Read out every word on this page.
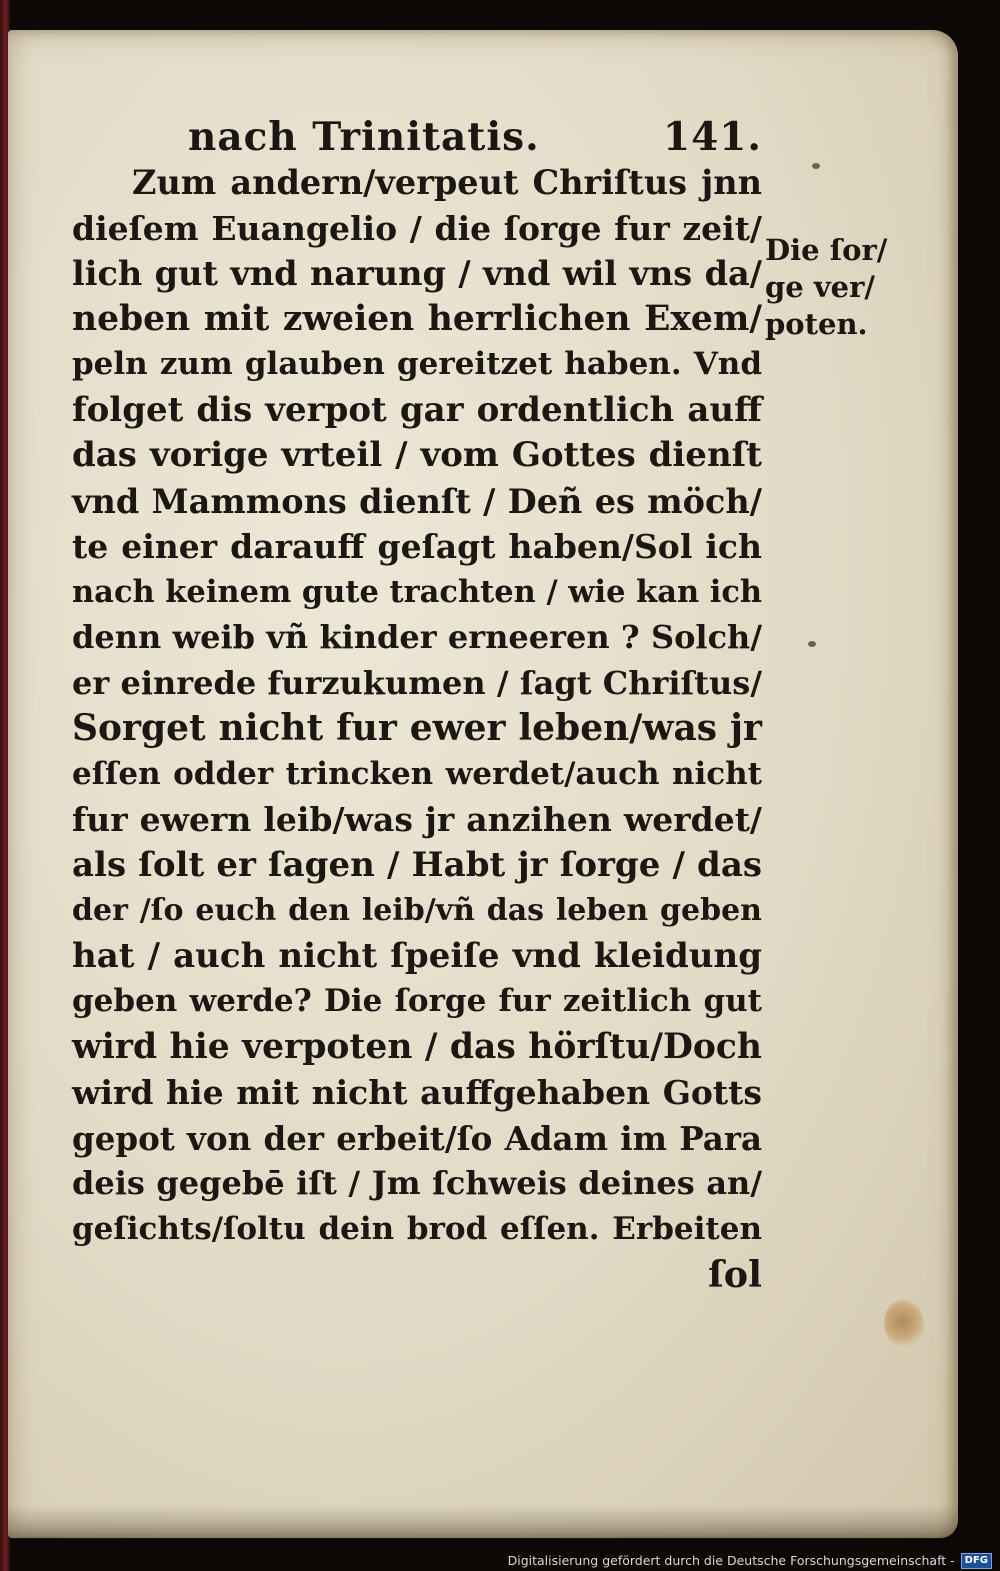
nach Trinitatis.	141.
Zum andern/verpeut Chriſtus jnn
dieſem Euangelio / die ſorge fur zeit/
lich gut vnd narung / vnd wil vns da/
neben mit zweien herrlichen Exem/
peln zum glauben gereitzet haben. Vnd
folget dis verpot gar ordentlich auff
das vorige vrteil / vom Gottes dienſt
vnd Mammons dienſt / Deñ es möch/
te einer darauff geſagt haben/Sol ich
nach keinem gute trachten / wie kan ich
denn weib vñ kinder erneeren ? Solch/
er einrede furzukumen / ſagt Chriſtus/
Sorget nicht fur ewer leben/was jr
eſſen odder trincken werdet/auch nicht
fur ewern leib/was jr anzihen werdet/
als ſolt er ſagen / Habt jr ſorge / das
der /ſo euch den leib/vñ das leben geben
hat / auch nicht ſpeiſe vnd kleidung
geben werde? Die ſorge fur zeitlich gut
wird hie verpoten / das hörſtu/Doch
wird hie mit nicht auffgehaben Gotts
gepot von der erbeit/ſo Adam im Para
deis gegebē iſt / Jm ſchweis deines an/
geſichts/ſoltu dein brod eſſen. Erbeiten
ſol
Die ſor/
ge ver/
poten.
Digitalisierung gefördert durch die Deutsche Forschungsgemeinschaft -	DFG
